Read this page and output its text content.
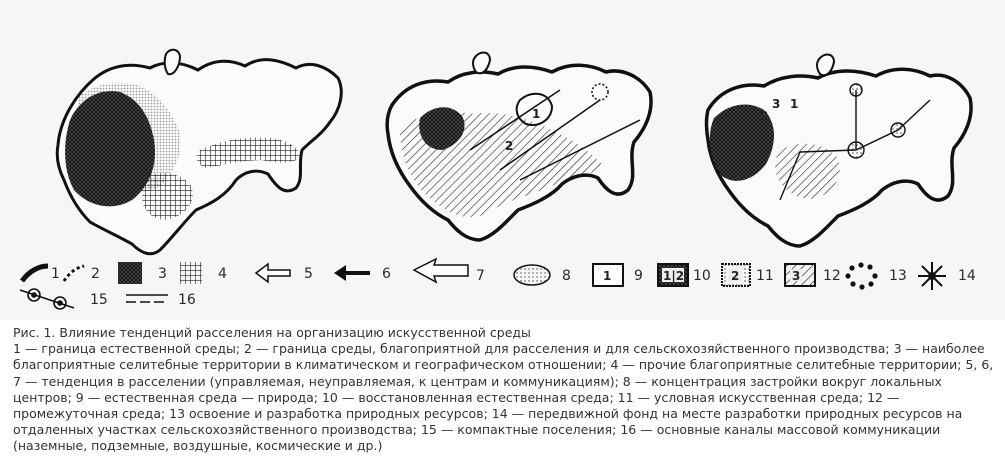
1
2
1
2
3
1 2	3	4	5	6	7	8	1 9 1|2 10 2 11 3 12	13	14
15	16

Рис. 1. Влияние тенденций расселения на организацию искусственной среды

1 — граница естественной среды; 2 — граница среды, благоприятной для расселения и для сельскохозяйственного производства; 3 — наиболее благоприятные селитебные территории в климатическом и географическом отношении; 4 — прочие благоприятные селитебные территории; 5, 6, 7 — тенденция в расселении (управляемая, неуправляемая, к центрам и коммуникациям); 8 — концентрация застройки вокруг локальных центров; 9 — естественная среда — природа; 10 — восстановленная естественная среда; 11 — условная искусственная среда; 12 — промежуточная среда; 13 освоение и разработка природных ресурсов; 14 — передвижной фонд на месте разработки природных ресурсов на отдаленных участках сельскохозяйственного производства; 15 — компактные поселения; 16 — основные каналы массовой коммуникации (наземные, подземные, воздушные, космические и др.)
